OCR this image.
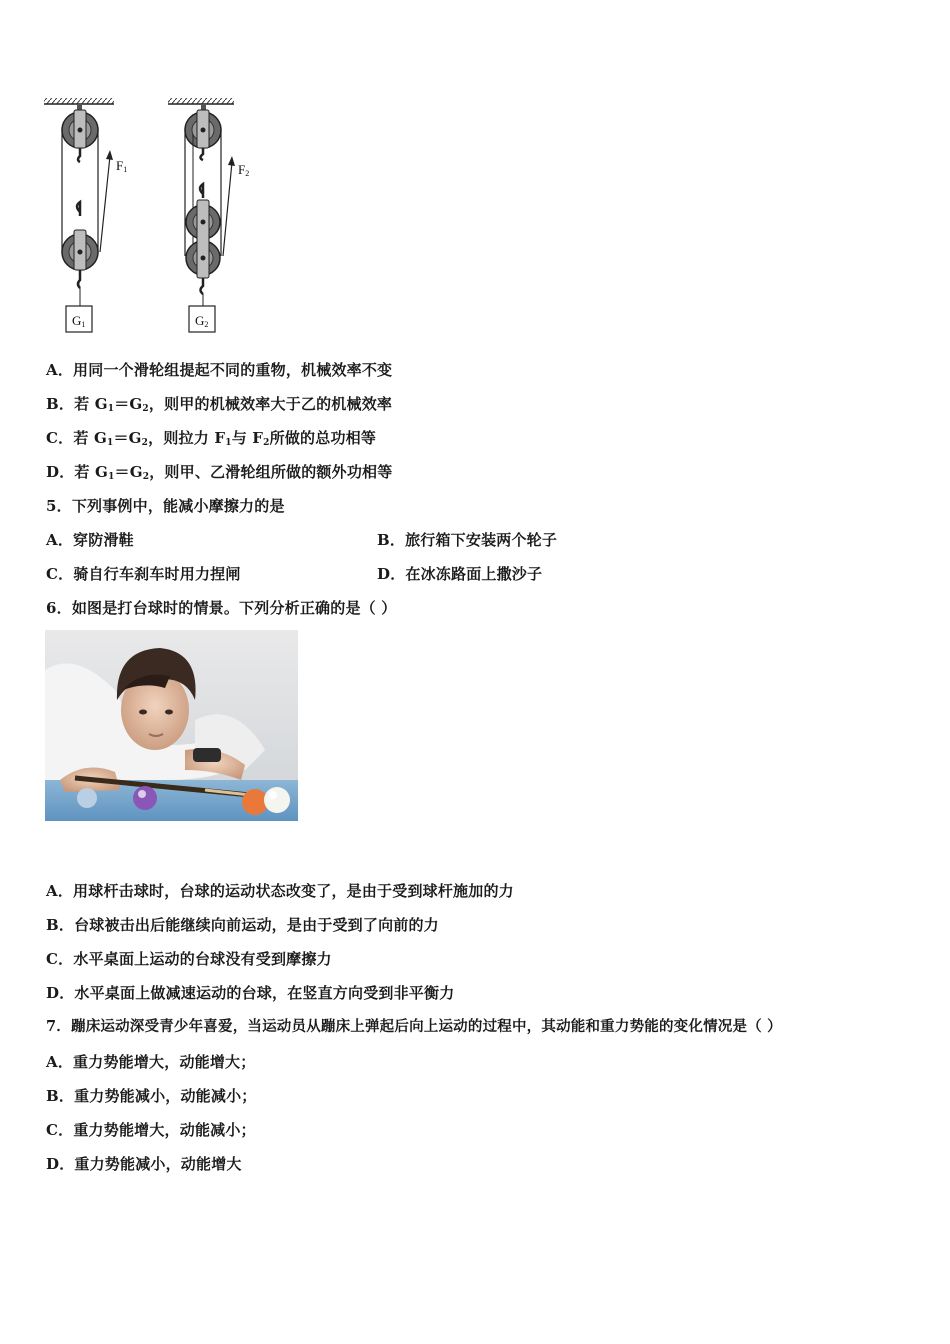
G1
F1
G2
F2
A．用同一个滑轮组提起不同的重物，机械效率不变
B．若 $G_1=G_2$，则甲的机械效率大于乙的机械效率
C．若 $G_1=G_2$，则拉力 $F_1$与 $F_2$所做的总功相等
D．若 $G_1=G_2$，则甲、乙滑轮组所做的额外功相等
5．下列事例中，能减小摩擦力的是
A．穿防滑鞋	B．旅行箱下安装两个轮子
C．骑自行车刹车时用力捏闸	D．在冰冻路面上撒沙子
6．如图是打台球时的情景。下列分析正确的是（ ）
A．用球杆击球时，台球的运动状态改变了，是由于受到球杆施加的力
B．台球被击出后能继续向前运动，是由于受到了向前的力
C．水平桌面上运动的台球没有受到摩擦力
D．水平桌面上做减速运动的台球，在竖直方向受到非平衡力
7．蹦床运动深受青少年喜爱，当运动员从蹦床上弹起后向上运动的过程中，其动能和重力势能的变化情况是（ ）
A．重力势能增大，动能增大；
B．重力势能减小，动能减小；
C．重力势能增大，动能减小；
D．重力势能减小，动能增大
